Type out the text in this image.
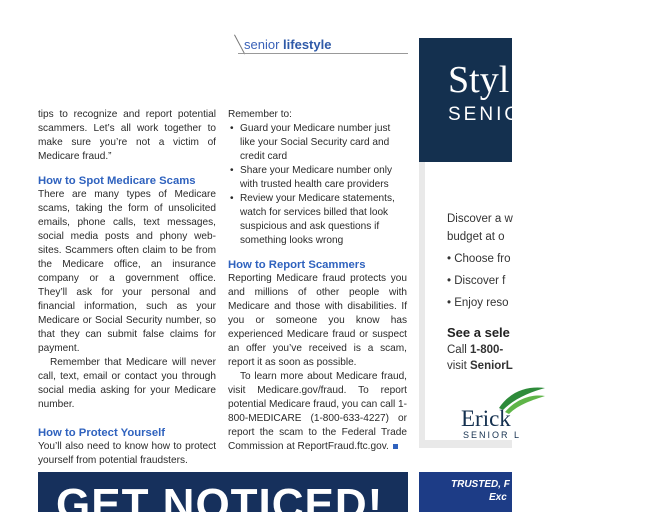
senior lifestyle

tips to recognize and report potential scammers. Let’s all work together to make sure you’re not a victim of Medicare fraud.”

How to Spot Medicare Scams

There are many types of Medicare scams, taking the form of unsolicited emails, phone calls, text messages, social media posts and phony web-sites. Scammers often claim to be from the Medicare office, an insurance company or a government office. They’ll ask for your personal and financial information, such as your Medicare or Social Security number, so that they can submit false claims for payment.

Remember that Medicare will never call, text, email or contact you through social media asking for your Medicare number.

How to Protect Yourself

You’ll also need to know how to protect yourself from potential fraudsters.

Remember to:

• Guard your Medicare number just like your Social Security card and credit card
• Share your Medicare number only with trusted health care providers
• Review your Medicare statements, watch for services billed that look suspicious and ask questions if something looks wrong
How to Report Scammers

Reporting Medicare fraud protects you and millions of other people with Medicare and those with disabilities. If you or someone you know has experienced Medicare fraud or suspect an offer you’ve received is a scam, report it as soon as possible.

To learn more about Medicare fraud, visit Medicare.gov/fraud. To report potential Medicare fraud, you can call 1-800-MEDICARE (1-800-633-4227) or report the scam to the Federal Trade Commission at ReportFraud.ftc.gov.

Styl
SENIO
Discover a w
budget at o
• Choose fro
• Discover f
• Enjoy reso
See a sele
Call 1-800-
visit SeniorL
Erick
SENIOR L
GET NOTICED!	TRUSTED, F
Exc
